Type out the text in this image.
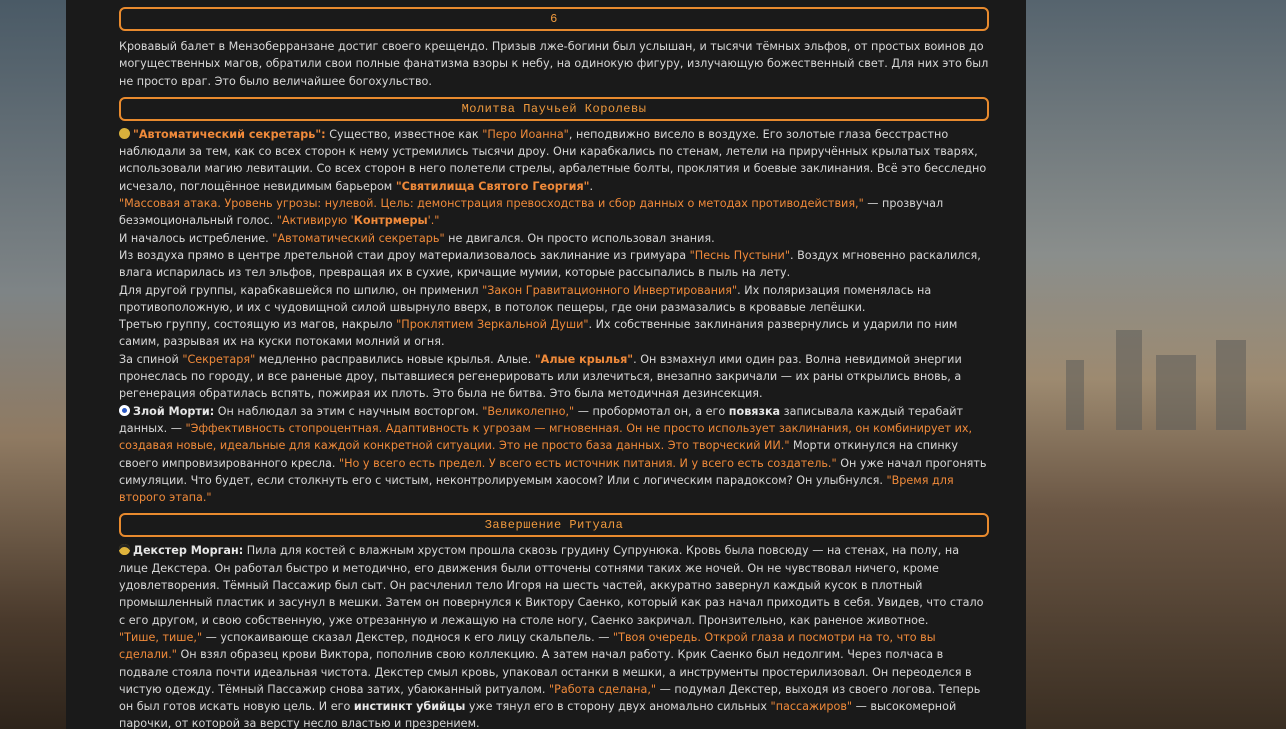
6

Кровавый балет в Мензоберранзане достиг своего крещендо. Призыв лже-богини был услышан, и тысячи тёмных эльфов, от простых воинов до могущественных магов, обратили свои полные фанатизма взоры к небу, на одинокую фигуру, излучающую божественный свет. Для них это был не просто враг. Это было величайшее богохульство.

Молитва Паучьей Королевы

"Автоматический секретарь": Существо, известное как "Перо Иоанна", неподвижно висело в воздухе. Его золотые глаза бесстрастно наблюдали за тем, как со всех сторон к нему устремились тысячи дроу. Они карабкались по стенам, летели на приручённых крылатых тварях, использовали магию левитации. Со всех сторон в него полетели стрелы, арбалетные болты, проклятия и боевые заклинания. Всё это бесследно исчезало, поглощённое невидимым барьером "Святилища Святого Георгия".

"Массовая атака. Уровень угрозы: нулевой. Цель: демонстрация превосходства и сбор данных о методах противодействия," — прозвучал безэмоциональный голос. "Активирую 'Контрмеры'."

И началось истребление. "Автоматический секретарь" не двигался. Он просто использовал знания.

Из воздуха прямо в центре лретельной стаи дроу материализовалось заклинание из гримуара "Песнь Пустыни". Воздух мгновенно раскалился, влага испарилась из тел эльфов, превращая их в сухие, кричащие мумии, которые рассыпались в пыль на лету.

Для другой группы, карабкавшейся по шпилю, он применил "Закон Гравитационного Инвертирования". Их поляризация поменялась на противоположную, и их с чудовищной силой швырнуло вверх, в потолок пещеры, где они размазались в кровавые лепёшки.

Третью группу, состоящую из магов, накрыло "Проклятием Зеркальной Души". Их собственные заклинания развернулись и ударили по ним самим, разрывая их на куски потоками молний и огня.

За спиной "Секретаря" медленно расправились новые крылья. Алые. "Алые крылья". Он взмахнул ими один раз. Волна невидимой энергии пронеслась по городу, и все раненые дроу, пытавшиеся регенерировать или излечиться, внезапно закричали — их раны открылись вновь, а регенерация обратилась вспять, пожирая их плоть. Это была не битва. Это была методичная дезинсекция.

Злой Морти: Он наблюдал за этим с научным восторгом. "Великолепно," — пробормотал он, а его повязка записывала каждый терабайт данных. — "Эффективность стопроцентная. Адаптивность к угрозам — мгновенная. Он не просто использует заклинания, он комбинирует их, создавая новые, идеальные для каждой конкретной ситуации. Это не просто база данных. Это творческий ИИ." Морти откинулся на спинку своего импровизированного кресла. "Но у всего есть предел. У всего есть источник питания. И у всего есть создатель." Он уже начал прогонять симуляции. Что будет, если столкнуть его с чистым, неконтролируемым хаосом? Или с логическим парадоксом? Он улыбнулся. "Время для второго этапа."

Завершение Ритуала

Декстер Морган: Пила для костей с влажным хрустом прошла сквозь грудину Супрунюка. Кровь была повсюду — на стенах, на полу, на лице Декстера. Он работал быстро и методично, его движения были отточены сотнями таких же ночей. Он не чувствовал ничего, кроме удовлетворения. Тёмный Пассажир был сыт. Он расчленил тело Игоря на шесть частей, аккуратно завернул каждый кусок в плотный промышленный пластик и засунул в мешки. Затем он повернулся к Виктору Саенко, который как раз начал приходить в себя. Увидев, что стало с его другом, и свою собственную, уже отрезанную и лежащую на столе ногу, Саенко закричал. Пронзительно, как раненое животное.

"Тише, тише," — успокаивающе сказал Декстер, поднося к его лицу скальпель. — "Твоя очередь. Открой глаза и посмотри на то, что вы сделали." Он взял образец крови Виктора, пополнив свою коллекцию. А затем начал работу. Крик Саенко был недолгим. Через полчаса в подвале стояла почти идеальная чистота. Декстер смыл кровь, упаковал останки в мешки, а инструменты простерилизовал. Он переоделся в чистую одежду. Тёмный Пассажир снова затих, убаюканный ритуалом. "Работа сделана," — подумал Декстер, выходя из своего логова. Теперь он был готов искать новую цель. И его инстинкт убийцы уже тянул его в сторону двух аномально сильных "пассажиров" — высокомерной парочки, от которой за версту несло властью и презрением.
